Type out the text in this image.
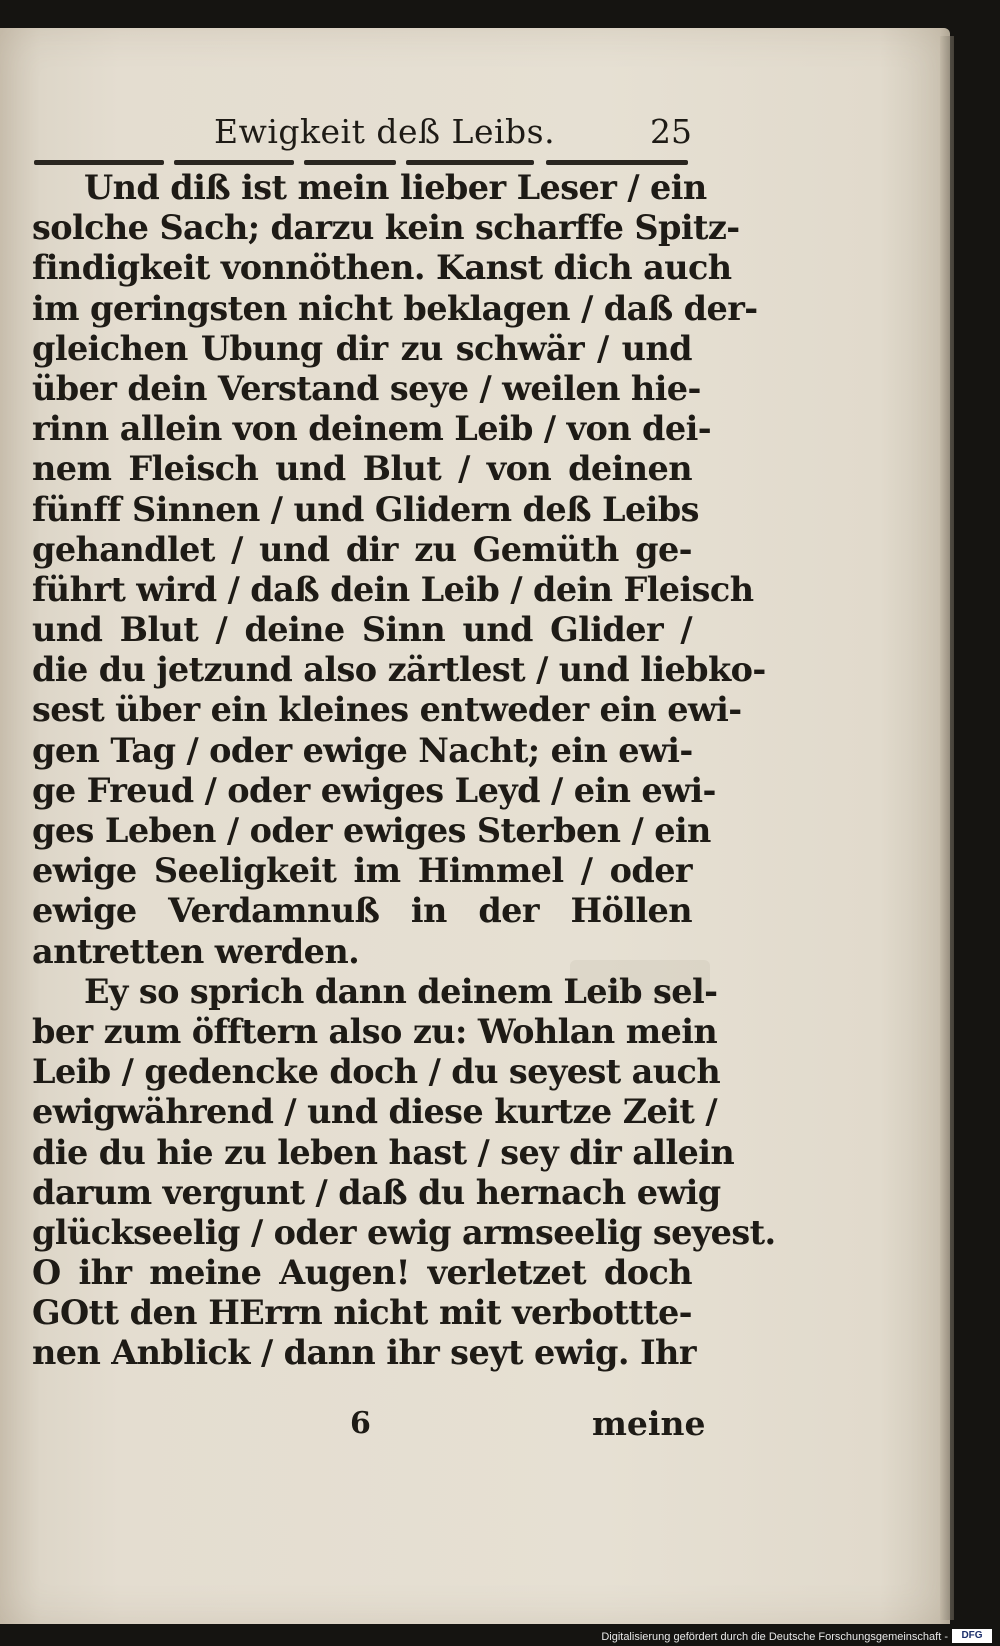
Ewigkeit deß Leibs.	25
Und diß ist mein lieber Leser / ein
solche Sach; darzu kein scharffe Spitz-
findigkeit vonnöthen. Kanst dich auch
im geringsten nicht beklagen / daß der-
gleichen Ubung dir zu schwär / und
über dein Verstand seye / weilen hie-
rinn allein von deinem Leib / von dei-
nem Fleisch und Blut / von deinen
fünff Sinnen / und Glidern deß Leibs
gehandlet / und dir zu Gemüth ge-
führt wird / daß dein Leib / dein Fleisch
und Blut / deine Sinn und Glider /
die du jetzund also zärtlest / und liebko-
sest über ein kleines entweder ein ewi-
gen Tag / oder ewige Nacht; ein ewi-
ge Freud / oder ewiges Leyd / ein ewi-
ges Leben / oder ewiges Sterben / ein
ewige Seeligkeit im Himmel / oder
ewige Verdamnuß in der Höllen
antretten werden.
Ey so sprich dann deinem Leib sel-
ber zum öfftern also zu: Wohlan mein
Leib / gedencke doch / du seyest auch
ewigwährend / und diese kurtze Zeit /
die du hie zu leben hast / sey dir allein
darum vergunt / daß du hernach ewig
glückseelig / oder ewig armseelig seyest.
O ihr meine Augen! verletzet doch
GOtt den HErrn nicht mit verbottte-
nen Anblick / dann ihr seyt ewig. Ihr
6	meine
Digitalisierung gefördert durch die Deutsche Forschungsgemeinschaft -	DFG
